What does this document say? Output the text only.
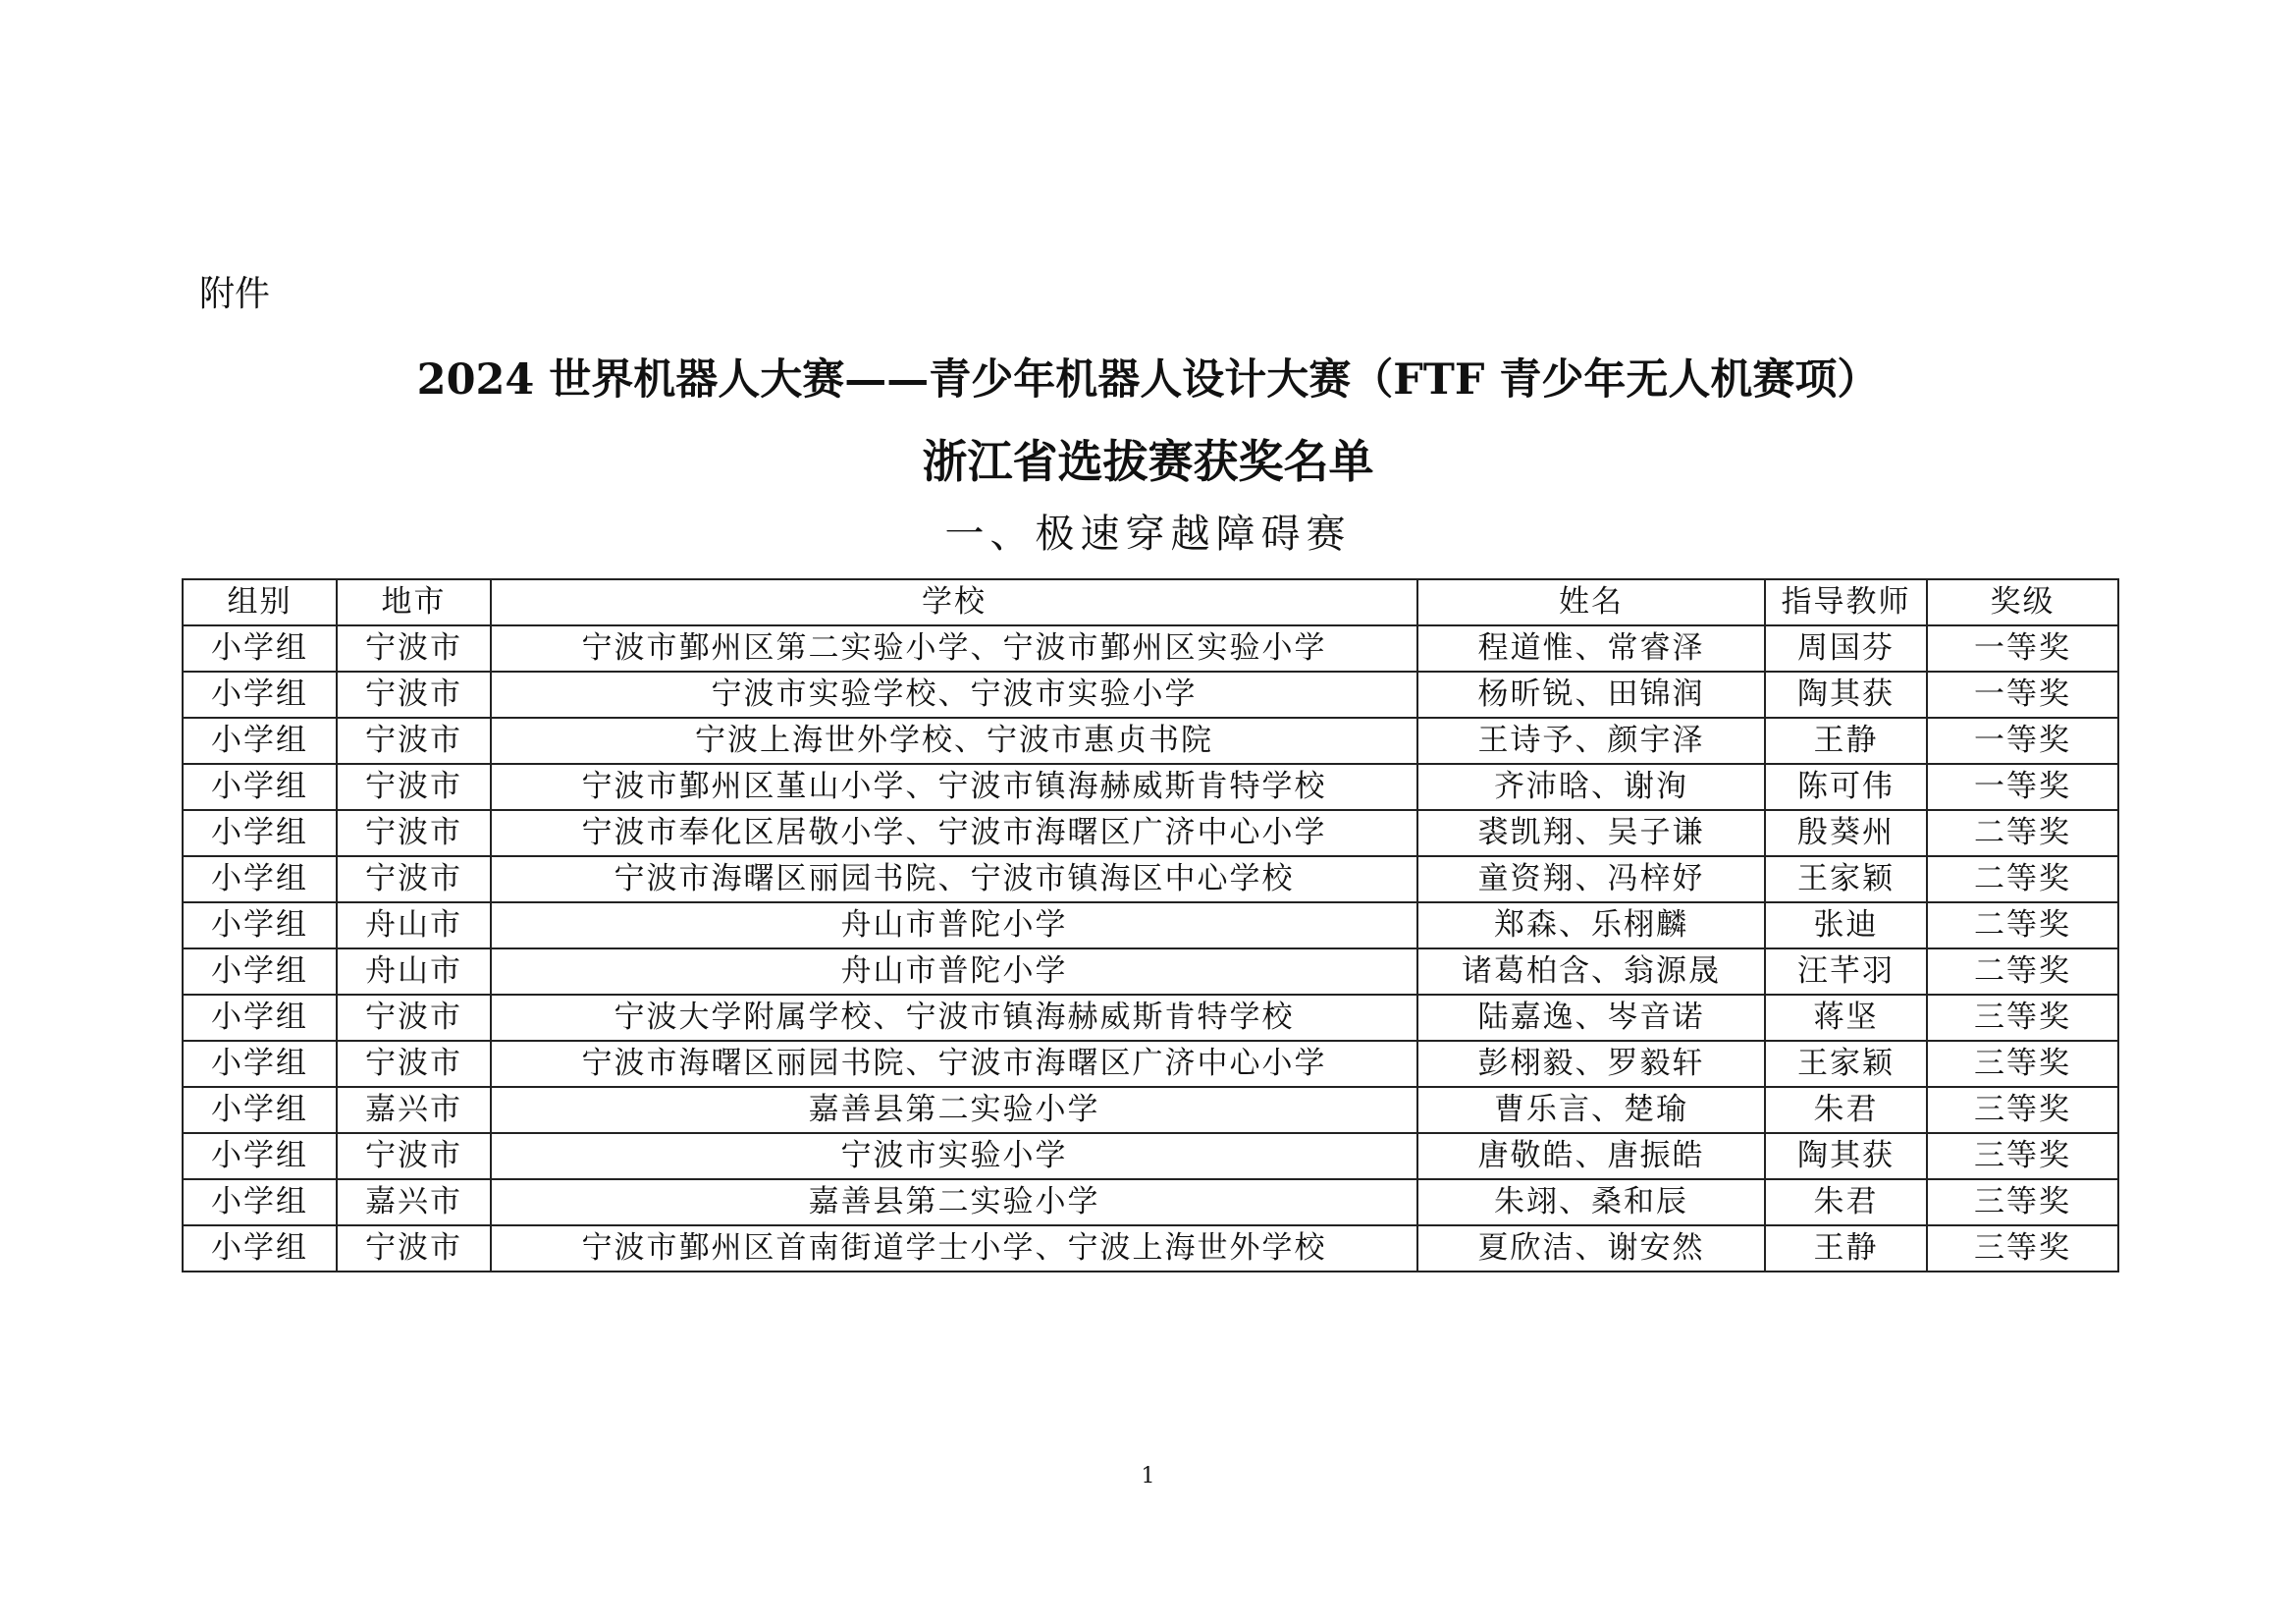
附件
2024 世界机器人大赛——青少年机器人设计大赛（FTF 青少年无人机赛项）
浙江省选拔赛获奖名单
一、极速穿越障碍赛
组别	地市	学校	姓名	指导教师	奖级
小学组	宁波市	宁波市鄞州区第二实验小学、宁波市鄞州区实验小学	程道惟、常睿泽	周国芬	一等奖
小学组	宁波市	宁波市实验学校、宁波市实验小学	杨昕锐、田锦润	陶其获	一等奖
小学组	宁波市	宁波上海世外学校、宁波市惠贞书院	王诗予、颜宇泽	王静	一等奖
小学组	宁波市	宁波市鄞州区堇山小学、宁波市镇海赫威斯肯特学校	齐沛晗、谢洵	陈可伟	一等奖
小学组	宁波市	宁波市奉化区居敬小学、宁波市海曙区广济中心小学	裘凯翔、吴子谦	殷葵州	二等奖
小学组	宁波市	宁波市海曙区丽园书院、宁波市镇海区中心学校	童资翔、冯梓妤	王家颖	二等奖
小学组	舟山市	舟山市普陀小学	郑森、乐栩麟	张迪	二等奖
小学组	舟山市	舟山市普陀小学	诸葛柏含、翁源晟	汪芊羽	二等奖
小学组	宁波市	宁波大学附属学校、宁波市镇海赫威斯肯特学校	陆嘉逸、岑音诺	蒋坚	三等奖
小学组	宁波市	宁波市海曙区丽园书院、宁波市海曙区广济中心小学	彭栩毅、罗毅轩	王家颖	三等奖
小学组	嘉兴市	嘉善县第二实验小学	曹乐言、楚瑜	朱君	三等奖
小学组	宁波市	宁波市实验小学	唐敬皓、唐振皓	陶其获	三等奖
小学组	嘉兴市	嘉善县第二实验小学	朱翊、桑和辰	朱君	三等奖
小学组	宁波市	宁波市鄞州区首南街道学士小学、宁波上海世外学校	夏欣洁、谢安然	王静	三等奖
1
